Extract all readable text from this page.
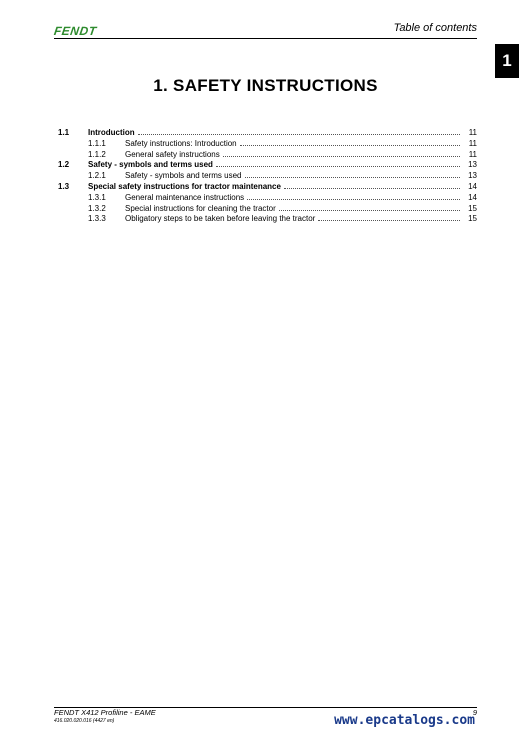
FENDT	Table of contents
1
1. SAFETY INSTRUCTIONS
1.1	Introduction	11
1.1.1	Safety instructions: Introduction	11
1.1.2	General safety instructions	11
1.2	Safety - symbols and terms used	13
1.2.1	Safety - symbols and terms used	13
1.3	Special safety instructions for tractor maintenance	14
1.3.1	General maintenance instructions	14
1.3.2	Special instructions for cleaning the tractor	15
1.3.3	Obligatory steps to be taken before leaving the tractor	15
FENDT X412 Profiline - EAME
416.020.020.016 (4427 en)
9
www.epcatalogs.com
